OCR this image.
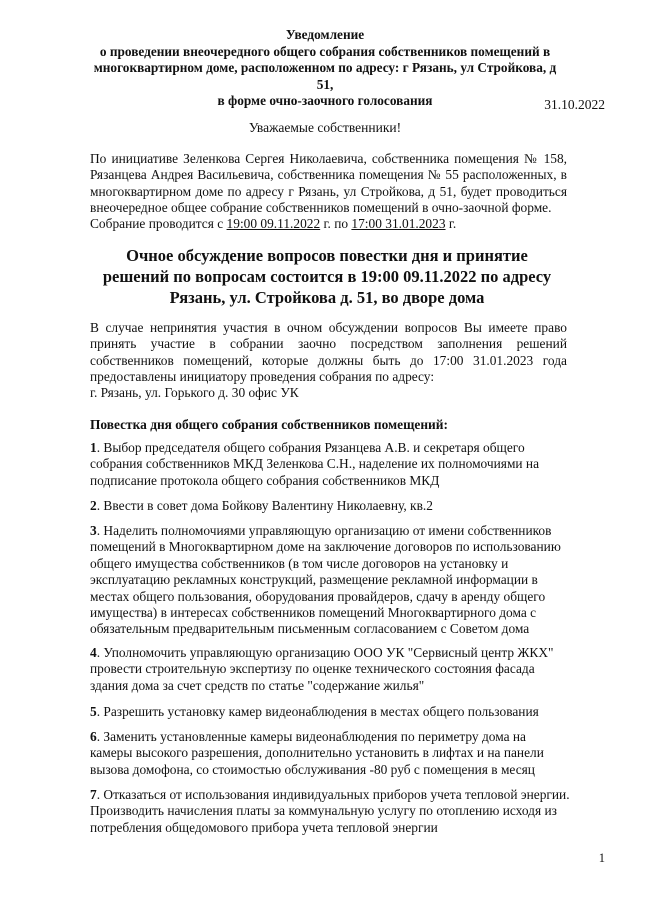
Уведомление
о проведении внеочередного общего собрания собственников помещений в
многоквартирном доме, расположенном по адресу: г Рязань, ул Стройкова, д 51,
в форме очно-заочного голосования	31.10.2022
Уважаемые собственники!
По инициативе Зеленкова Сергея Николаевича, собственника помещения № 158, Рязанцева Андрея Васильевича, собственника помещения № 55 расположенных, в многоквартирном доме по адресу г Рязань, ул Стройкова, д 51, будет проводиться внеочередное общее собрание собственников помещений в очно-заочной форме.
Собрание проводится с 19:00 09.11.2022 г. по 17:00 31.01.2023 г.
Очное обсуждение вопросов повестки дня и принятие решений по вопросам состоится в 19:00 09.11.2022 по адресу Рязань, ул. Стройкова д. 51, во дворе дома
В случае непринятия участия в очном обсуждении вопросов Вы имеете право принять участие в собрании заочно посредством заполнения решений собственников помещений, которые должны быть до 17:00 31.01.2023 года предоставлены инициатору проведения собрания по адресу:
г. Рязань, ул. Горького д. 30 офис УК
Повестка дня общего собрания собственников помещений:
1. Выбор председателя общего собрания Рязанцева А.В. и секретаря общего собрания собственников МКД Зеленкова С.Н., наделение их полномочиями на подписание протокола общего собрания собственников МКД
2. Ввести в совет дома Бойкову Валентину Николаевну, кв.2
3. Наделить полномочиями управляющую организацию от имени собственников помещений в Многоквартирном доме на заключение договоров по использованию общего имущества собственников (в том числе договоров на установку и эксплуатацию рекламных конструкций, размещение рекламной информации в местах общего пользования, оборудования провайдеров, сдачу в аренду общего имущества) в интересах собственников помещений Многоквартирного дома с обязательным предварительным письменным согласованием с Советом дома
4. Уполномочить управляющую организацию ООО УК "Сервисный центр ЖКХ" провести строительную экспертизу по оценке технического состояния фасада здания дома за счет средств по статье "содержание жилья"
5. Разрешить установку камер видеонаблюдения в местах общего пользования
6. Заменить установленные камеры видеонаблюдения по периметру дома на камеры высокого разрешения, дополнительно установить в лифтах и на панели вызова домофона, со стоимостью обслуживания -80 руб с помещения в месяц
7. Отказаться от использования индивидуальных приборов учета тепловой энергии. Производить начисления платы за коммунальную услугу по отоплению исходя из потребления общедомового прибора учета тепловой энергии
1
